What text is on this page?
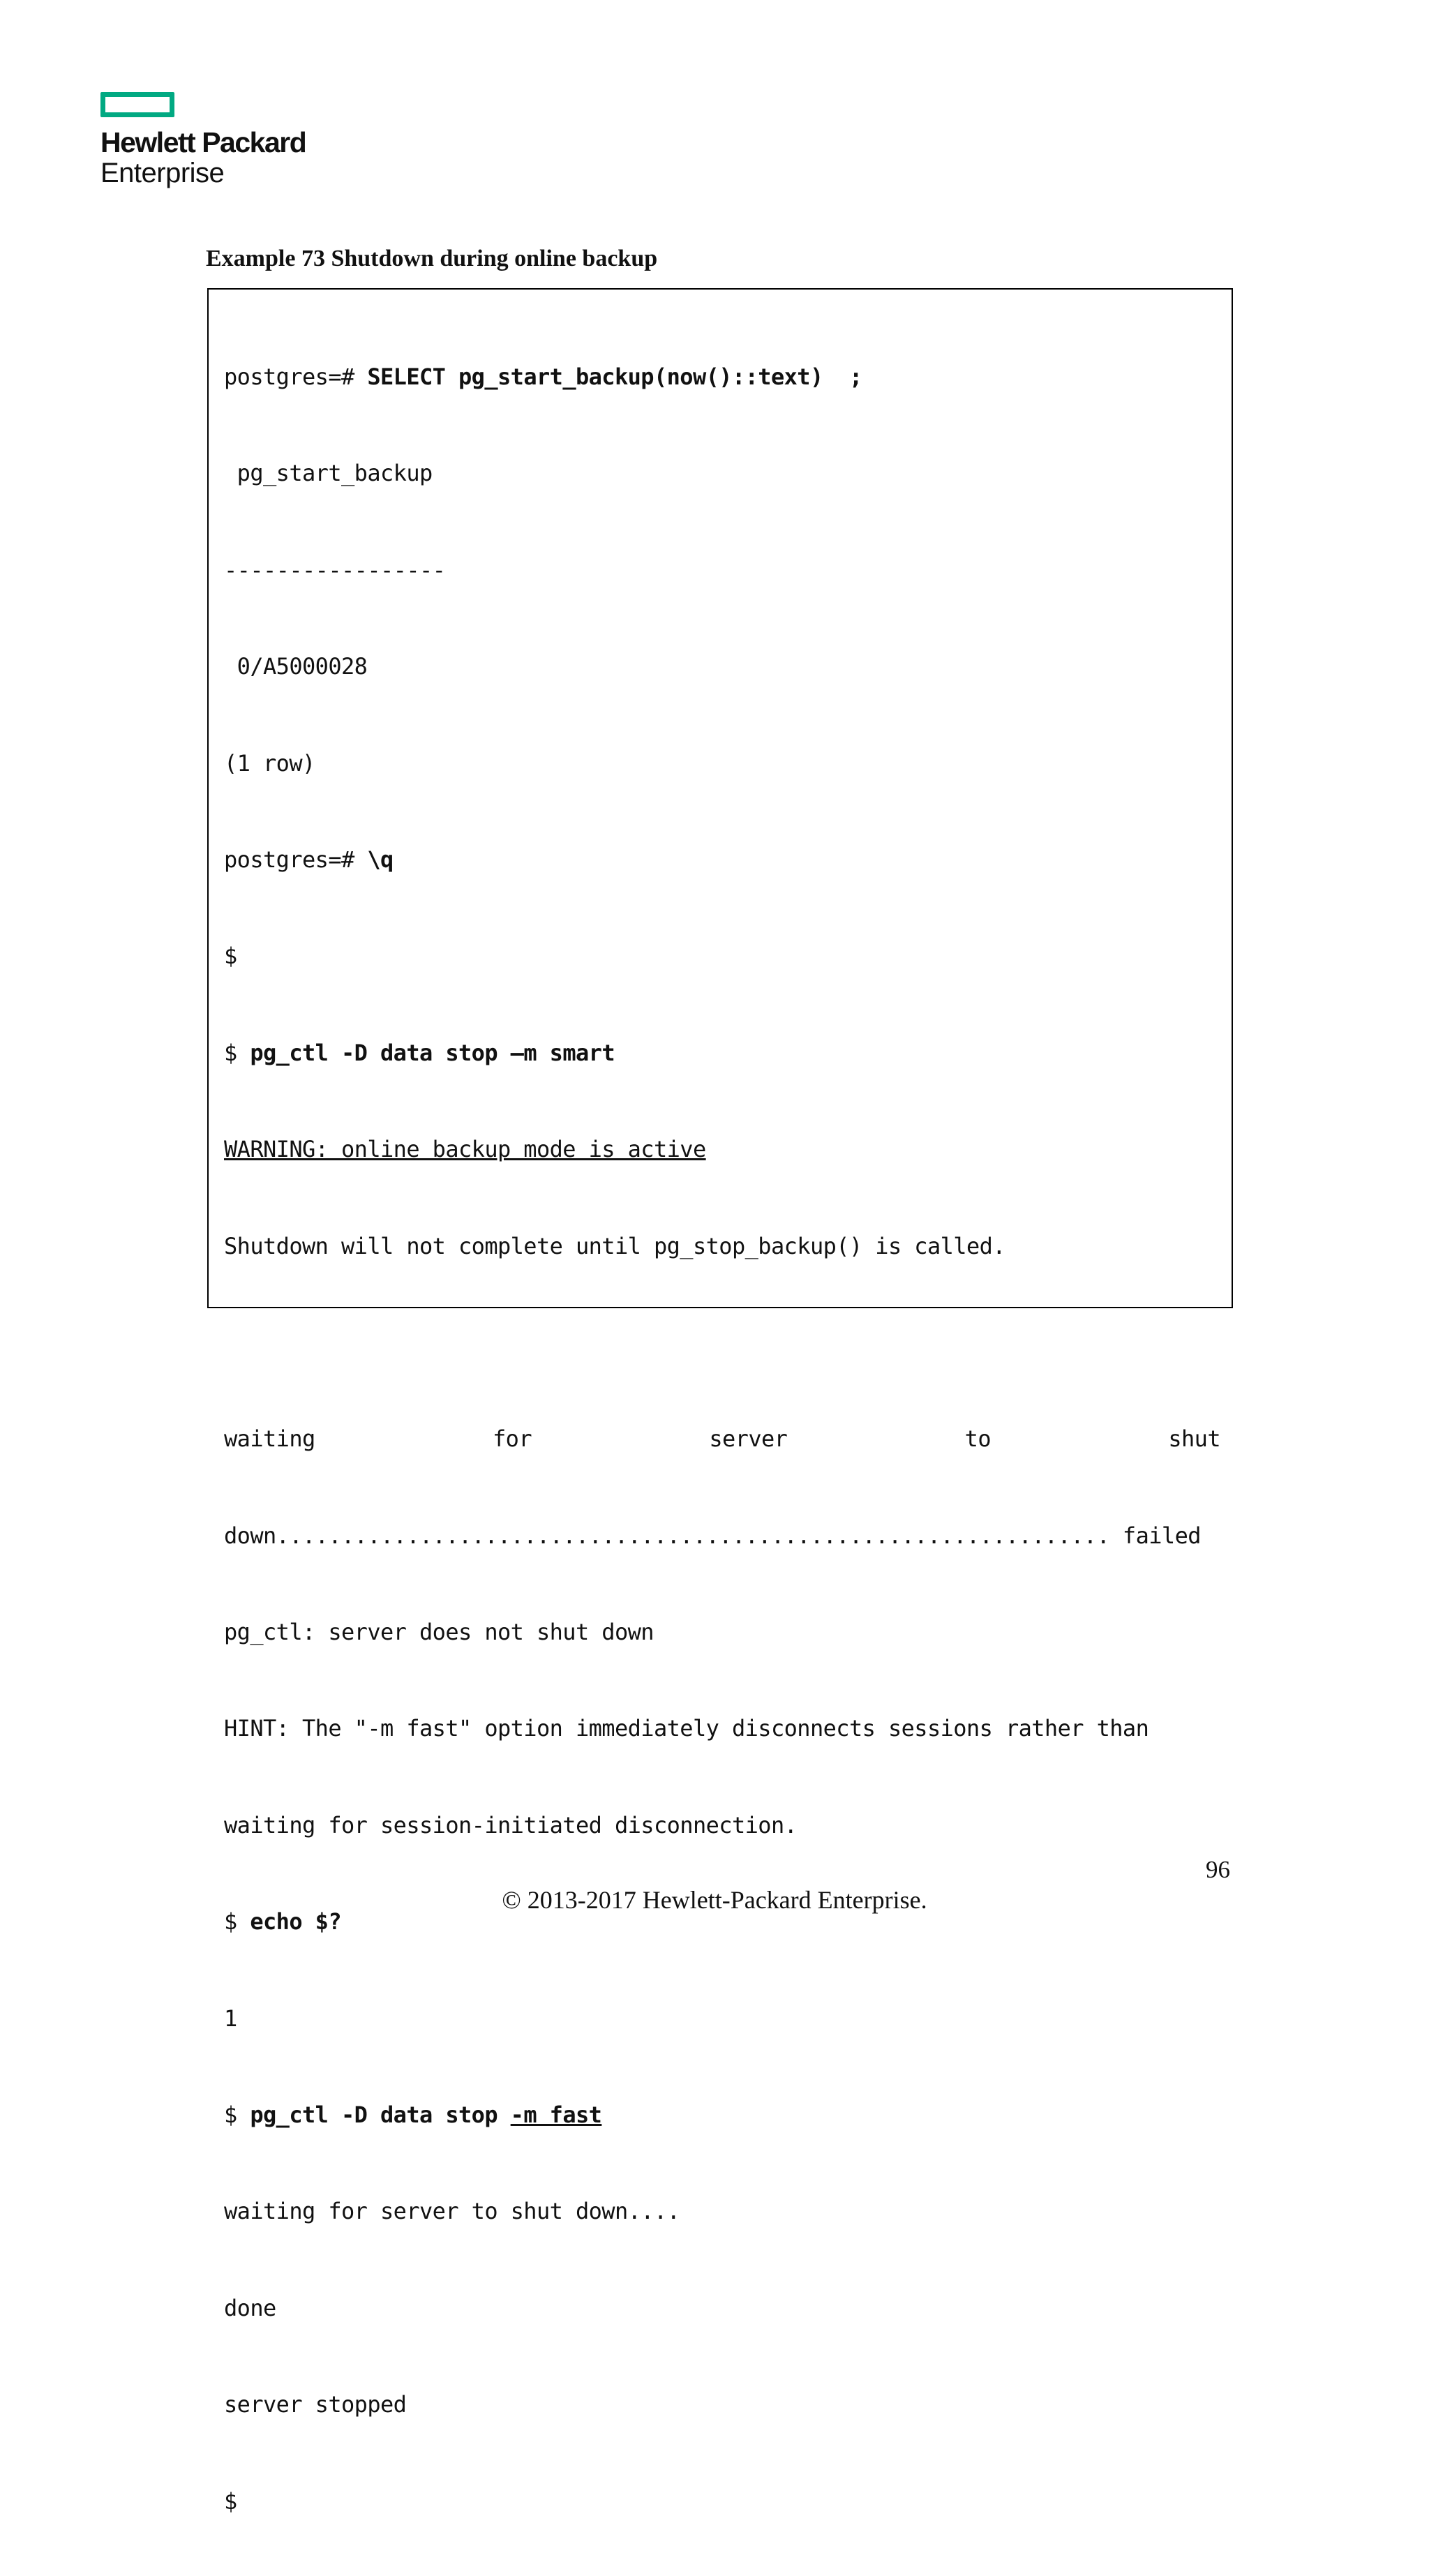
Hewlett Packard
Enterprise
Example 73 Shutdown during online backup

postgres=# SELECT pg_start_backup(now()::text)  ;

pg_start_backup

-----------------

0/A5000028

(1 row)

postgres=# \q

$

$ pg_ctl -D data stop –m smart

WARNING: online backup mode is active

Shutdown will not complete until pg_stop_backup() is called.

waiting	for	server	to	shut

down................................................................ failed

pg_ctl: server does not shut down

HINT: The "-m fast" option immediately disconnects sessions rather than

waiting for session-initiated disconnection.

$ echo $?

1

$ pg_ctl -D data stop -m fast

waiting for server to shut down....

done

server stopped

$

96
© 2013-2017 Hewlett-Packard Enterprise.
